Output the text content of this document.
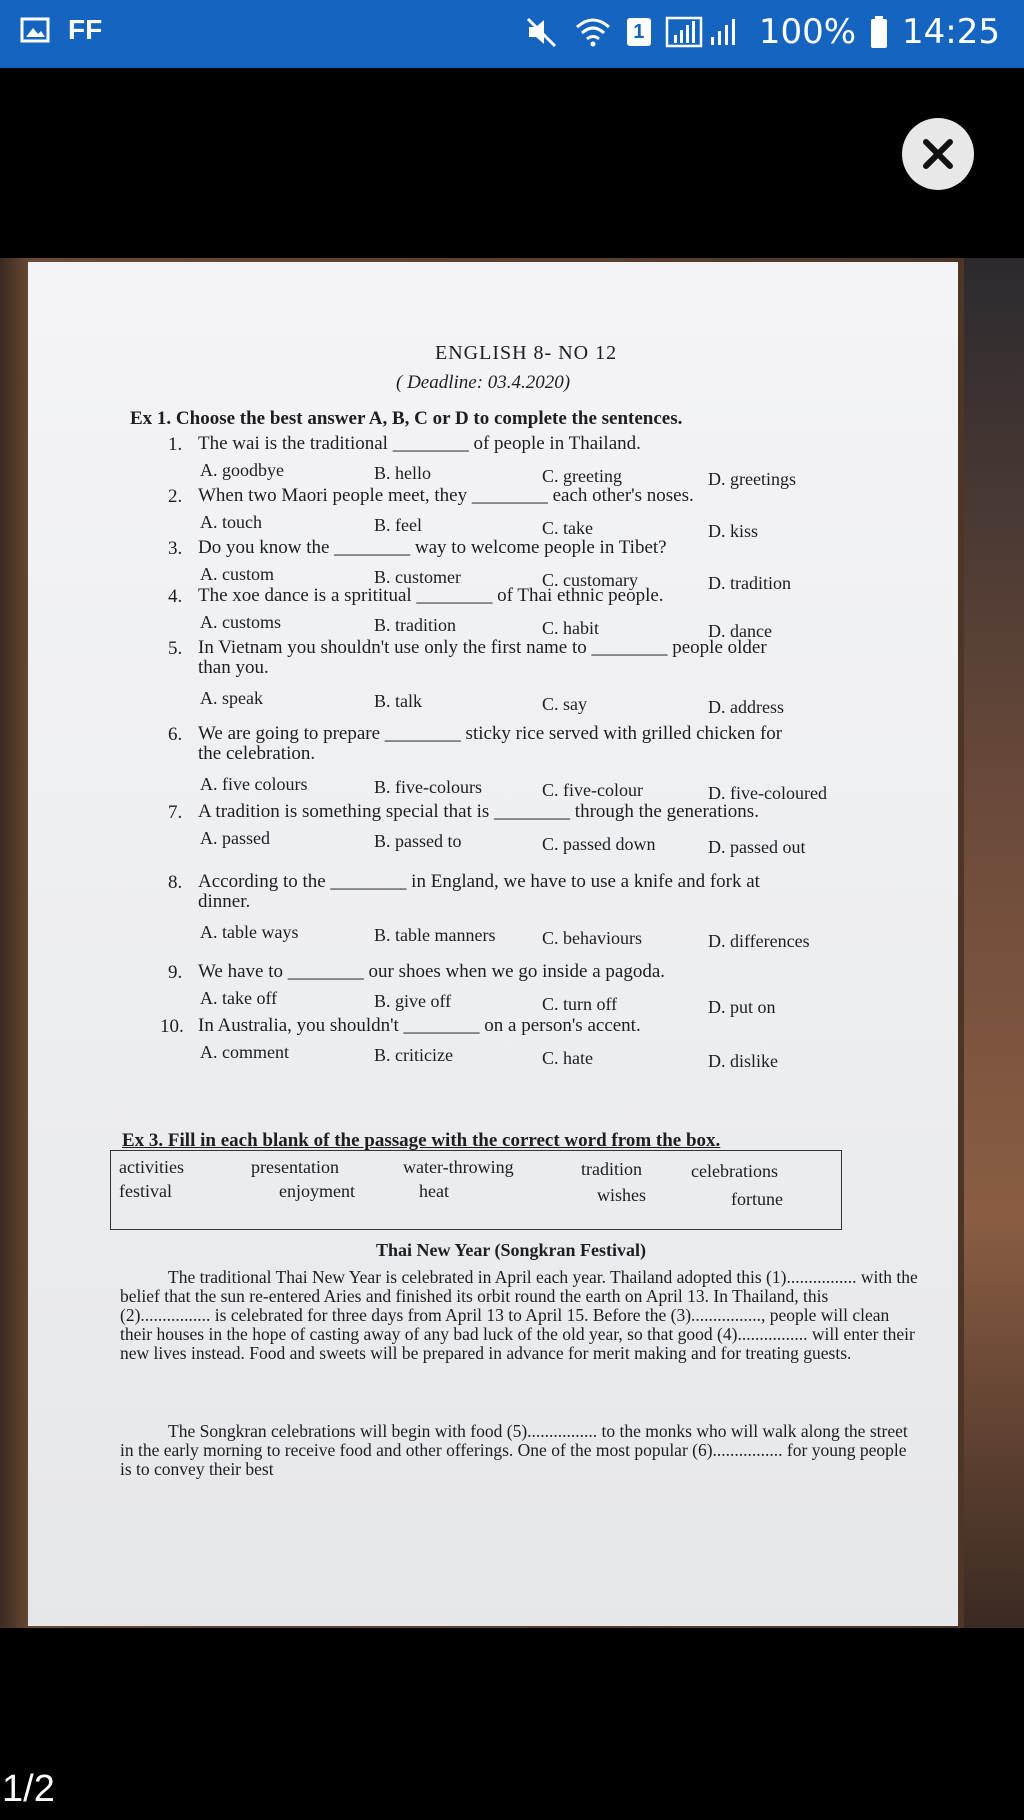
FF	1	100% 14:25
ENGLISH 8- NO 12
( Deadline: 03.4.2020)
Ex 1. Choose the best answer A, B, C or D to complete the sentences.
1. The wai is the traditional ________ of people in Thailand.
A. goodbye	B. hello	C. greeting	D. greetings
2. When two Maori people meet, they ________ each other's noses.
A. touch	B. feel	C. take	D. kiss
3. Do you know the ________ way to welcome people in Tibet?
A. custom	B. customer	C. customary	D. tradition
4. The xoe dance is a sprititual ________ of Thai ethnic people.
A. customs	B. tradition	C. habit	D. dance
5. In Vietnam you shouldn't use only the first name to ________ people older than you.
A. speak	B. talk	C. say	D. address
6. We are going to prepare ________ sticky rice served with grilled chicken for the celebration.
A. five colours	B. five-colours	C. five-colour	D. five-coloured
7. A tradition is something special that is ________ through the generations.
A. passed	B. passed to	C. passed down	D. passed out
8. According to the ________ in England, we have to use a knife and fork at dinner.
A. table ways	B. table manners	C. behaviours	D. differences
9. We have to ________ our shoes when we go inside a pagoda.
A. take off	B. give off	C. turn off	D. put on
10. In Australia, you shouldn't ________ on a person's accent.
A. comment	B. criticize	C. hate	D. dislike
Ex 3. Fill in each blank of the passage with the correct word from the box.
activities	presentation	water-throwing	tradition	celebrations
festival	enjoyment	heat	wishes	fortune
Thai New Year (Songkran Festival)
The traditional Thai New Year is celebrated in April each year. Thailand adopted this (1)................ with the belief that the sun re-entered Aries and finished its orbit round the earth on April 13. In Thailand, this (2)................ is celebrated for three days from April 13 to April 15. Before the (3)................, people will clean their houses in the hope of casting away of any bad luck of the old year, so that good (4)................ will enter their new lives instead. Food and sweets will be prepared in advance for merit making and for treating guests.
The Songkran celebrations will begin with food (5)................ to the monks who will walk along the street in the early morning to receive food and other offerings. One of the most popular (6)................ for young people is to convey their best
1/2
